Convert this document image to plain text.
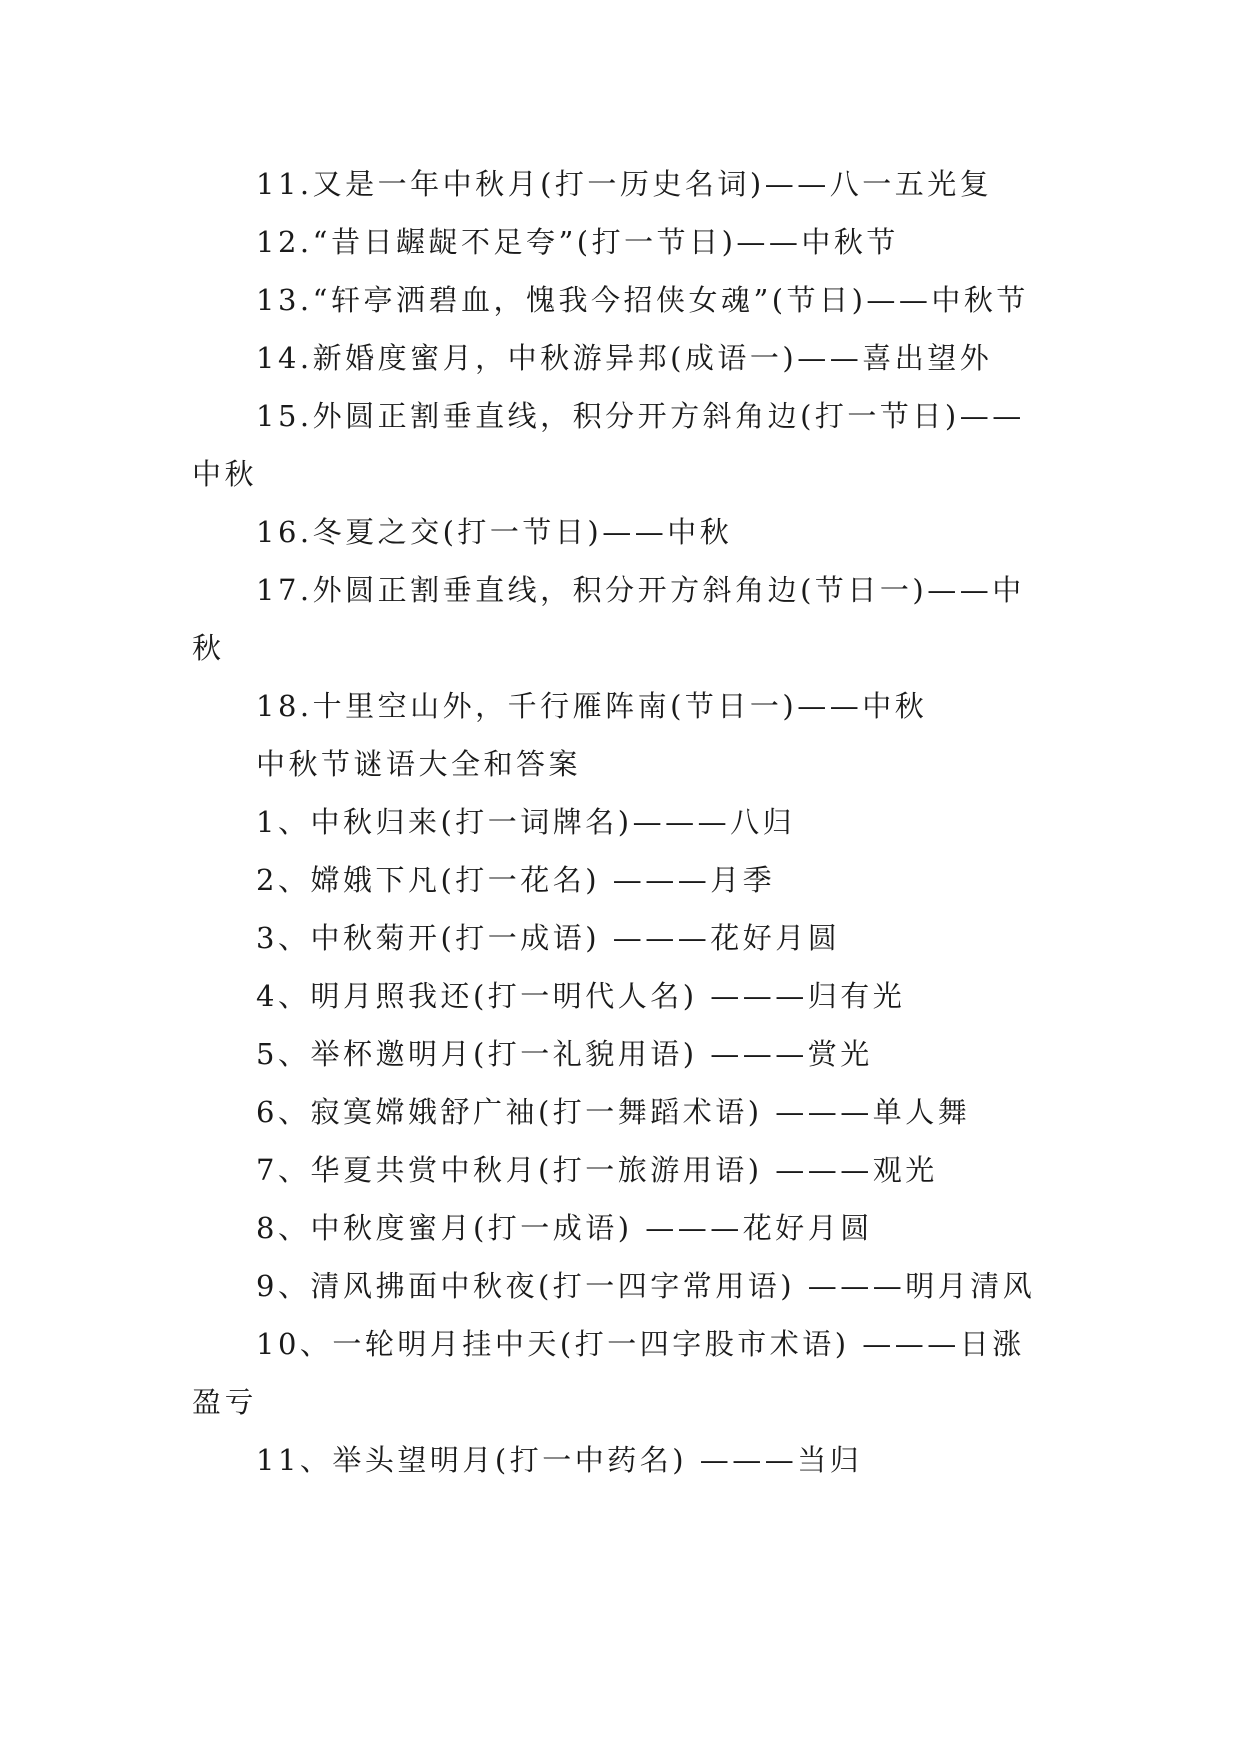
11.又是一年中秋月(打一历史名词)——八一五光复

12.“昔日龌龊不足夸”(打一节日)——中秋节

13.“轩亭洒碧血，愧我今招侠女魂”(节日)——中秋节

14.新婚度蜜月，中秋游异邦(成语一)——喜出望外

15.外圆正割垂直线，积分开方斜角边(打一节日)——中秋

16.冬夏之交(打一节日)——中秋

17.外圆正割垂直线，积分开方斜角边(节日一)——中秋

18.十里空山外，千行雁阵南(节日一)——中秋

中秋节谜语大全和答案

1、中秋归来(打一词牌名)———八归

2、嫦娥下凡(打一花名) ———月季

3、中秋菊开(打一成语) ———花好月圆

4、明月照我还(打一明代人名) ———归有光

5、举杯邀明月(打一礼貌用语) ———赏光

6、寂寞嫦娥舒广袖(打一舞蹈术语) ———单人舞

7、华夏共赏中秋月(打一旅游用语) ———观光

8、中秋度蜜月(打一成语) ———花好月圆

9、清风拂面中秋夜(打一四字常用语) ———明月清风

10、一轮明月挂中天(打一四字股市术语) ———日涨盈亏

11、举头望明月(打一中药名) ———当归
